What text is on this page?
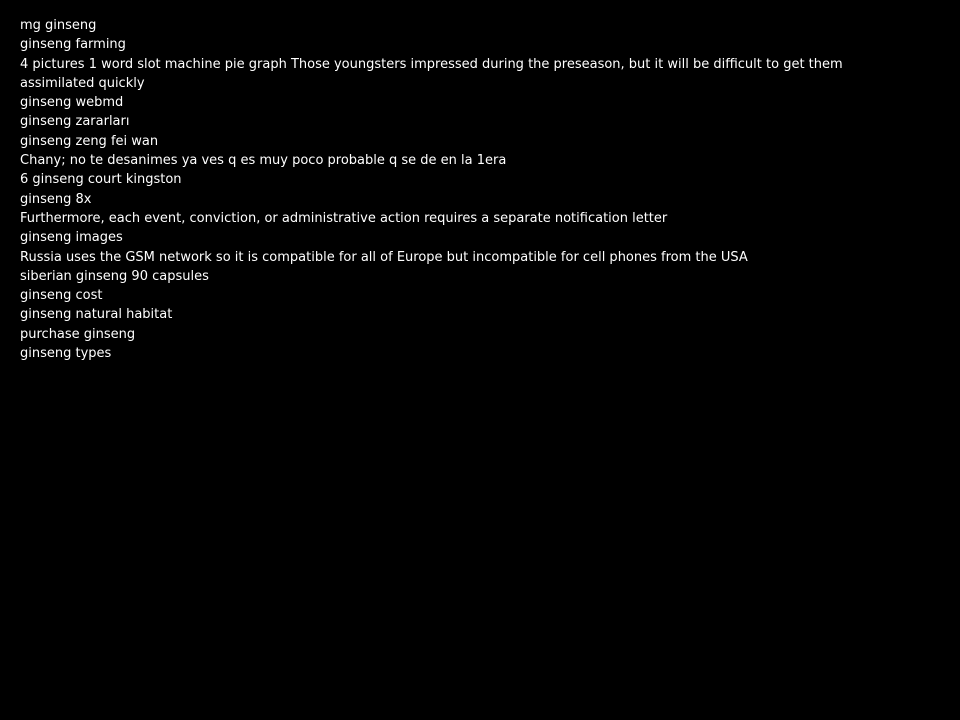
mg ginseng
ginseng farming
4 pictures 1 word slot machine pie graph Those youngsters impressed during the preseason, but it will be difficult to get them assimilated quickly
ginseng webmd
ginseng zararları
ginseng zeng fei wan
Chany; no te desanimes ya ves q es muy poco probable q se de en la 1era
6 ginseng court kingston
ginseng 8x
Furthermore, each event, conviction, or administrative action requires a separate notification letter
ginseng images
Russia uses the GSM network so it is compatible for all of Europe but incompatible for cell phones from the USA
siberian ginseng 90 capsules
ginseng cost
ginseng natural habitat
purchase ginseng
ginseng types
